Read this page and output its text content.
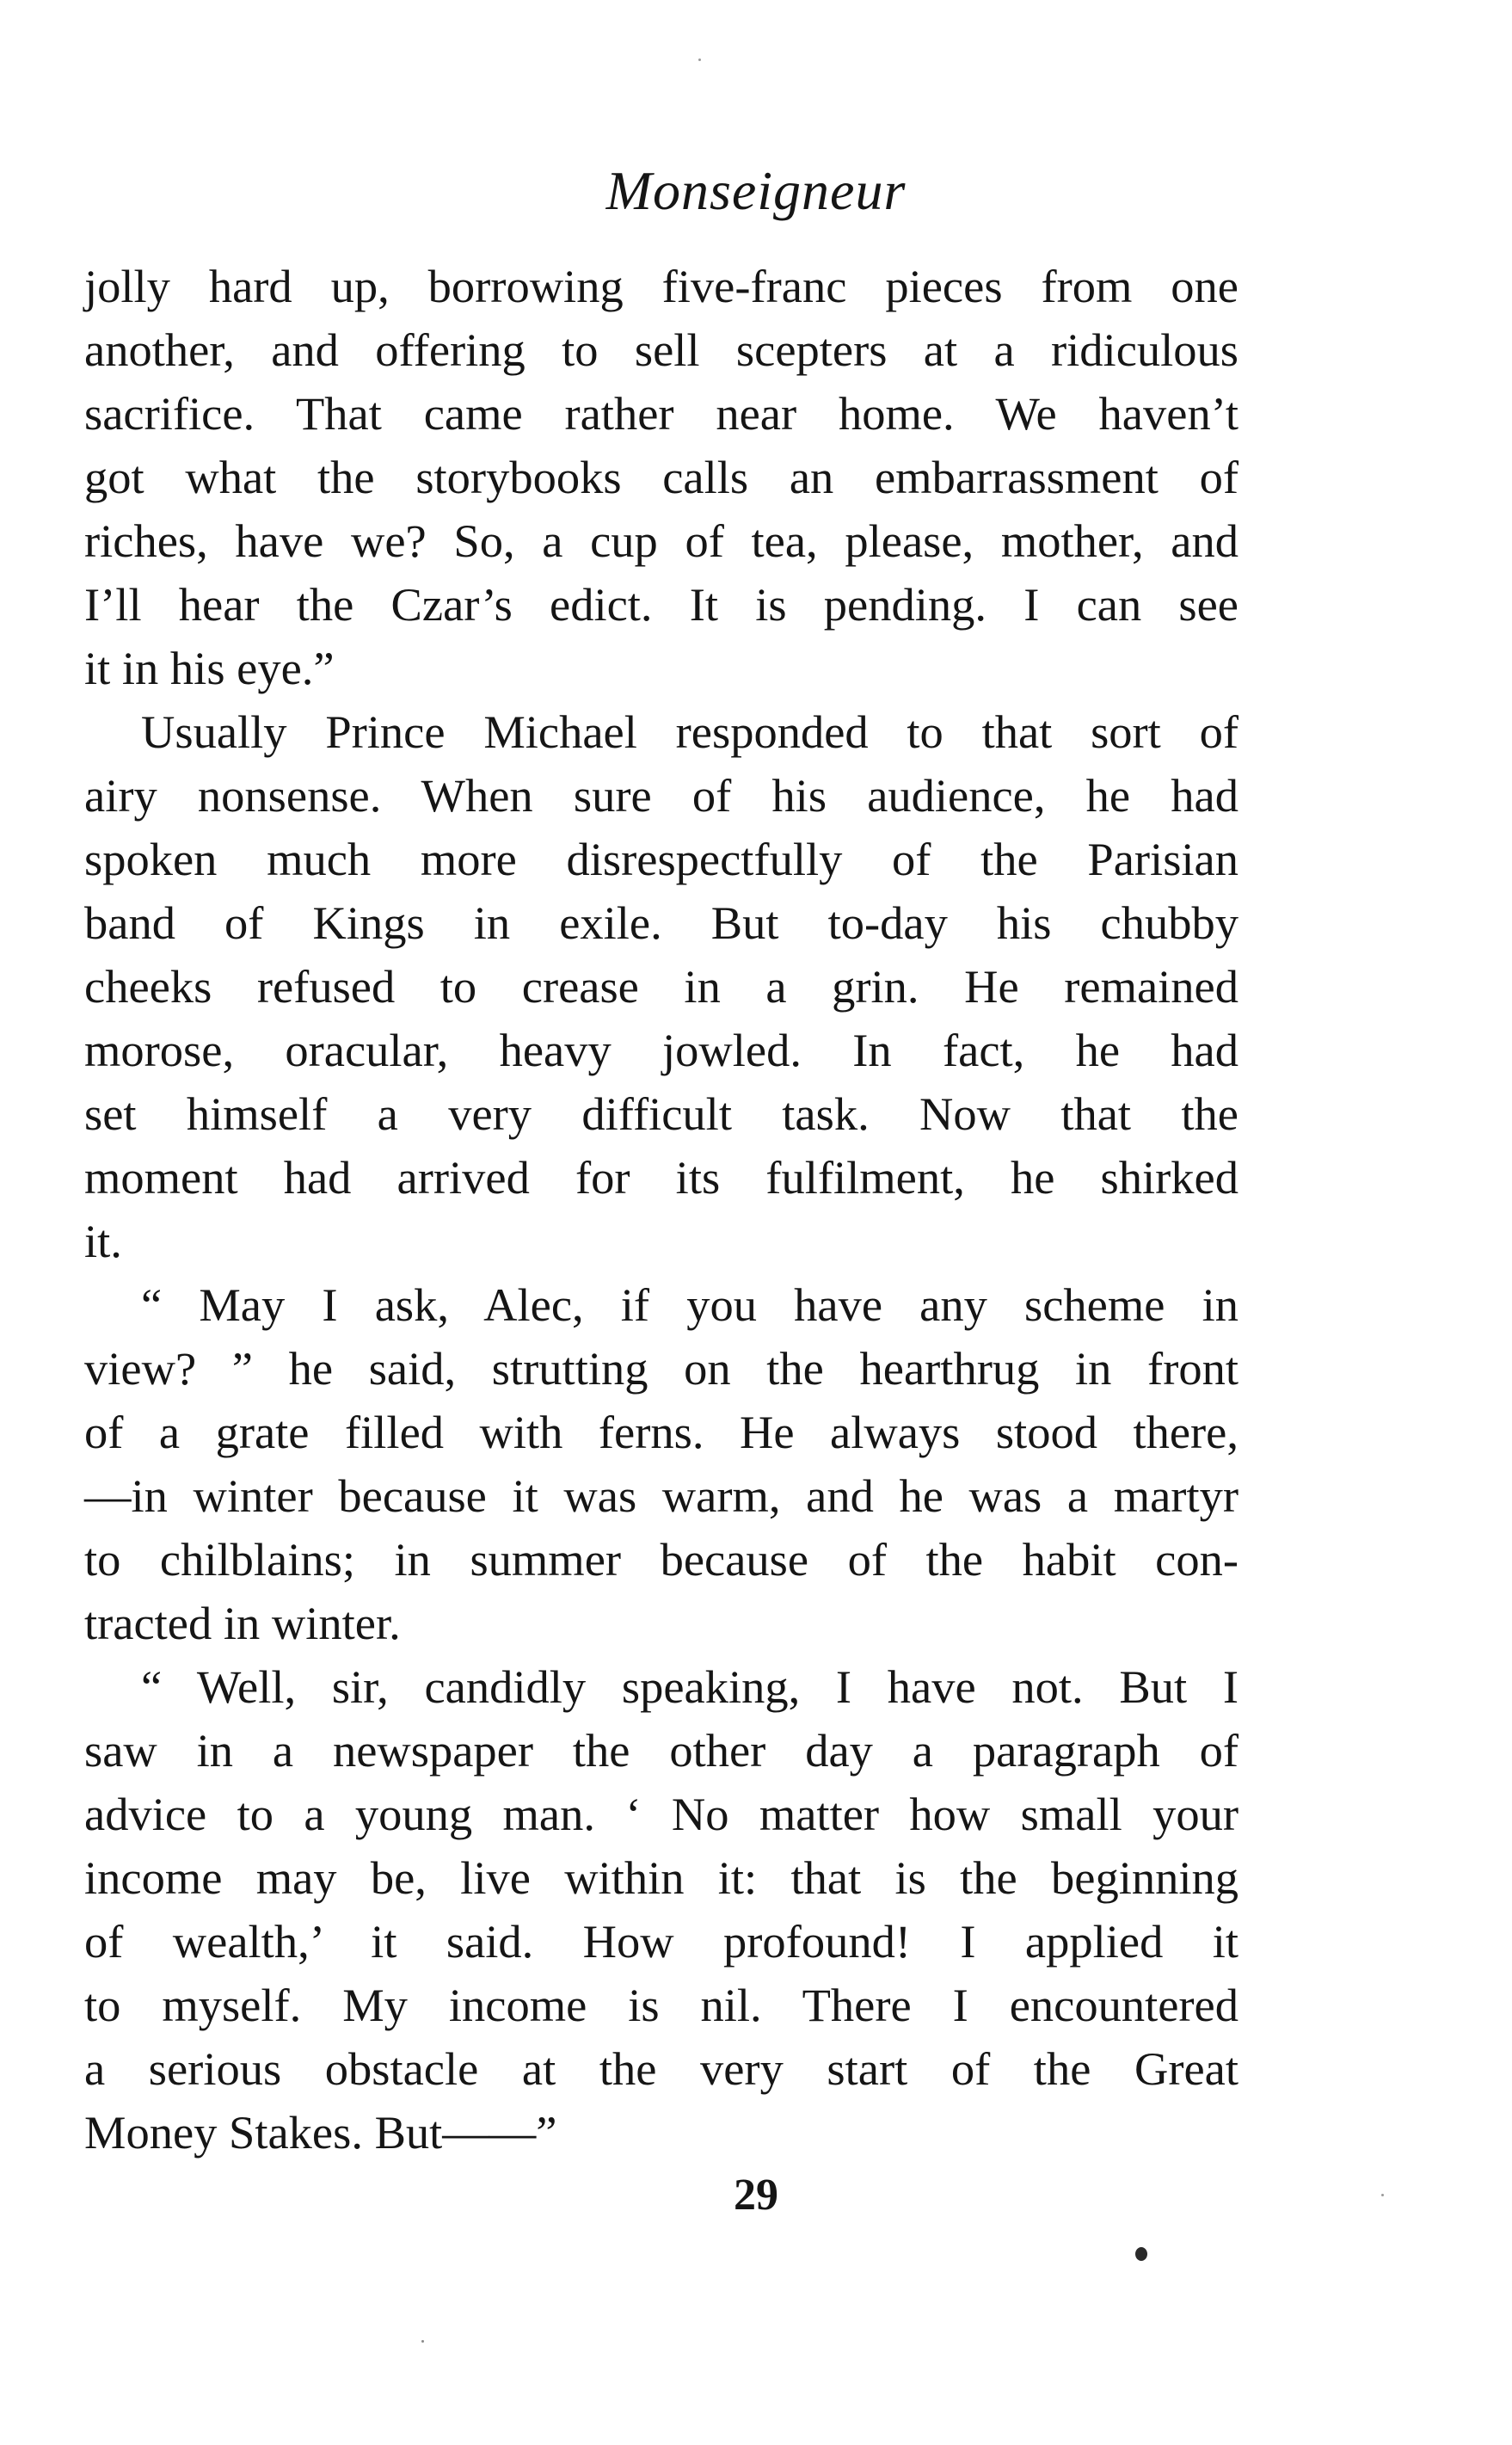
Monseigneur
jolly hard up, borrowing five-franc pieces from one
another, and offering to sell scepters at a ridiculous
sacrifice. That came rather near home. We haven’t
got what the storybooks calls an embarrassment of
riches, have we? So, a cup of tea, please, mother, and
I’ll hear the Czar’s edict. It is pending. I can see
it in his eye.”
Usually Prince Michael responded to that sort of
airy nonsense. When sure of his audience, he had
spoken much more disrespectfully of the Parisian
band of Kings in exile. But to-day his chubby
cheeks refused to crease in a grin. He remained
morose, oracular, heavy jowled. In fact, he had
set himself a very difficult task. Now that the
moment had arrived for its fulfilment, he shirked
it.
“ May I ask, Alec, if you have any scheme in
view? ” he said, strutting on the hearthrug in front
of a grate filled with ferns. He always stood there,
—in winter because it was warm, and he was a martyr
to chilblains; in summer because of the habit con-
tracted in winter.
“ Well, sir, candidly speaking, I have not. But I
saw in a newspaper the other day a paragraph of
advice to a young man. ‘ No matter how small your
income may be, live within it: that is the beginning
of wealth,’ it said. How profound! I applied it
to myself. My income is nil. There I encountered
a serious obstacle at the very start of the Great
Money Stakes. But——”
29
